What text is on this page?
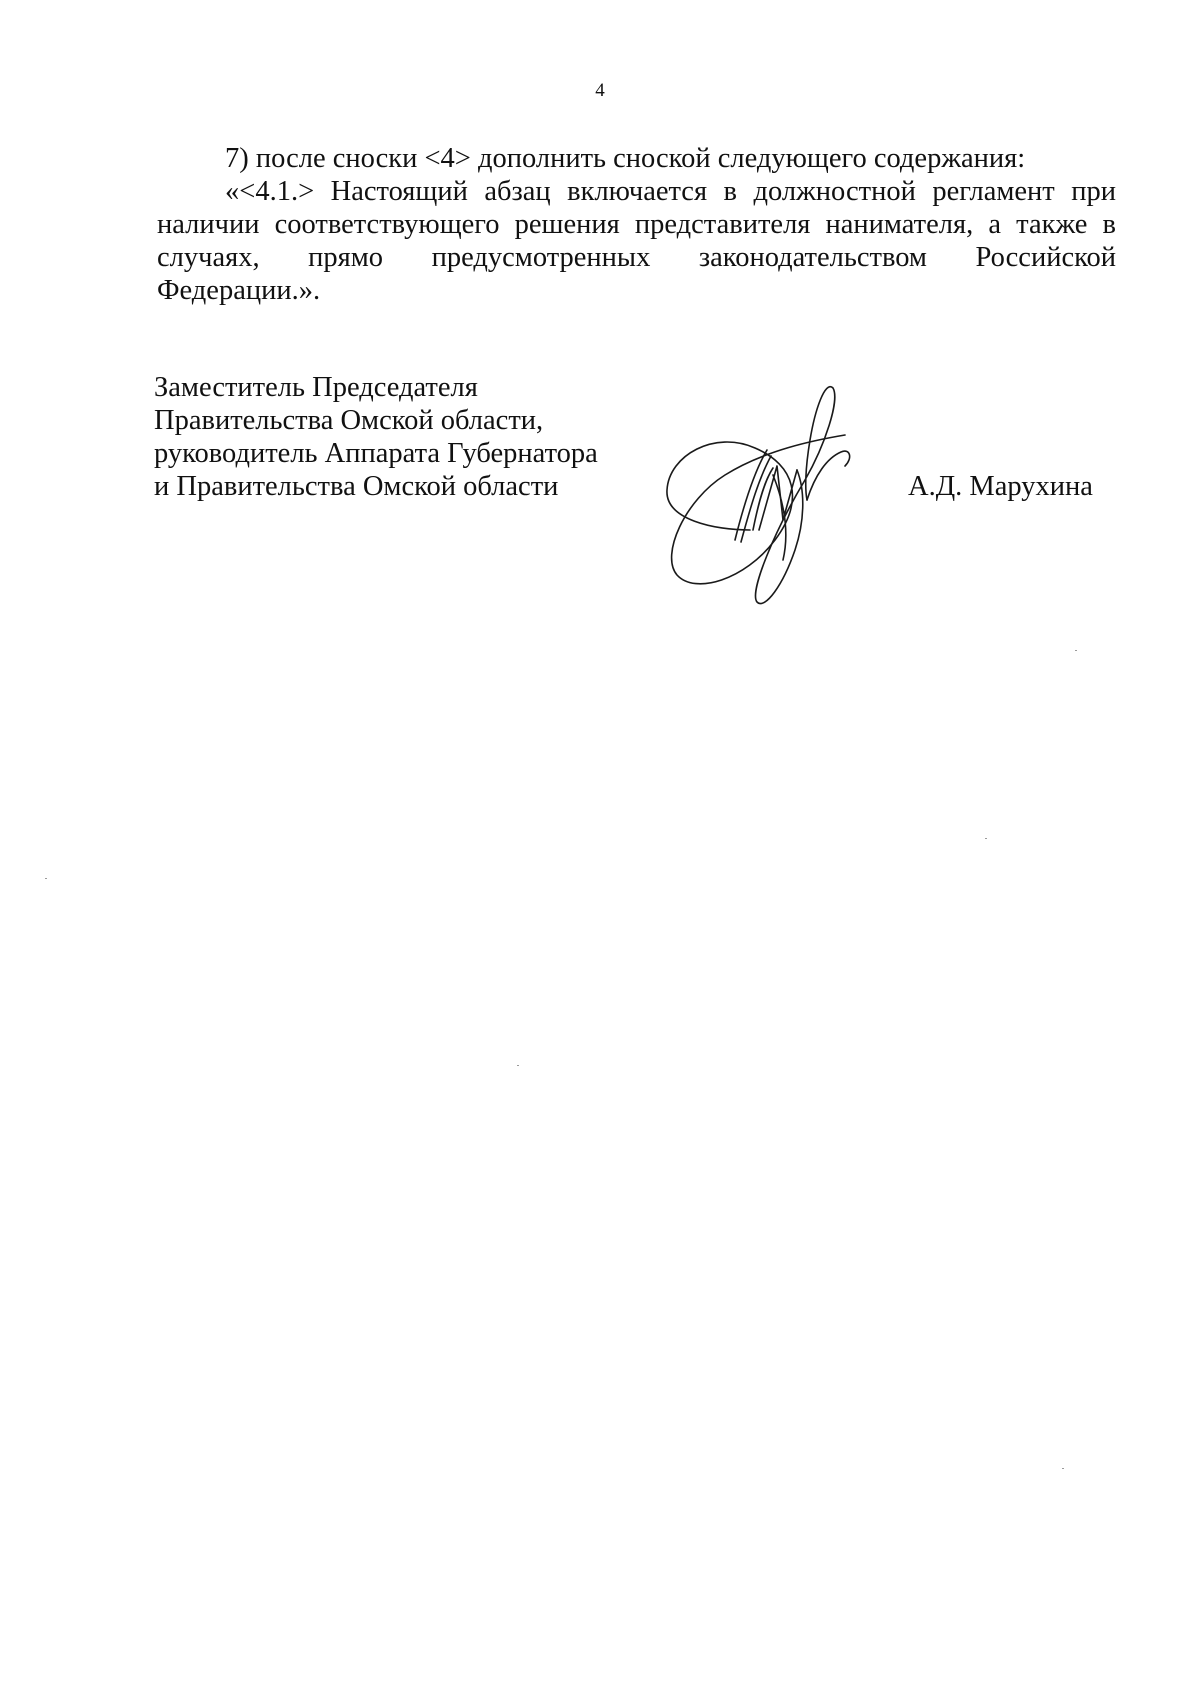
4

7) после сноски <4> дополнить сноской следующего содержания:

«<4.1.> Настоящий абзац включается в должностной регламент при наличии соответствующего решения представителя нанимателя, а также в случаях, прямо предусмотренных законодательством Российской Федерации.».

Заместитель Председателя
Правительства Омской области,
руководитель Аппарата Губернатора
и Правительства Омской области	А.Д. Марухина
